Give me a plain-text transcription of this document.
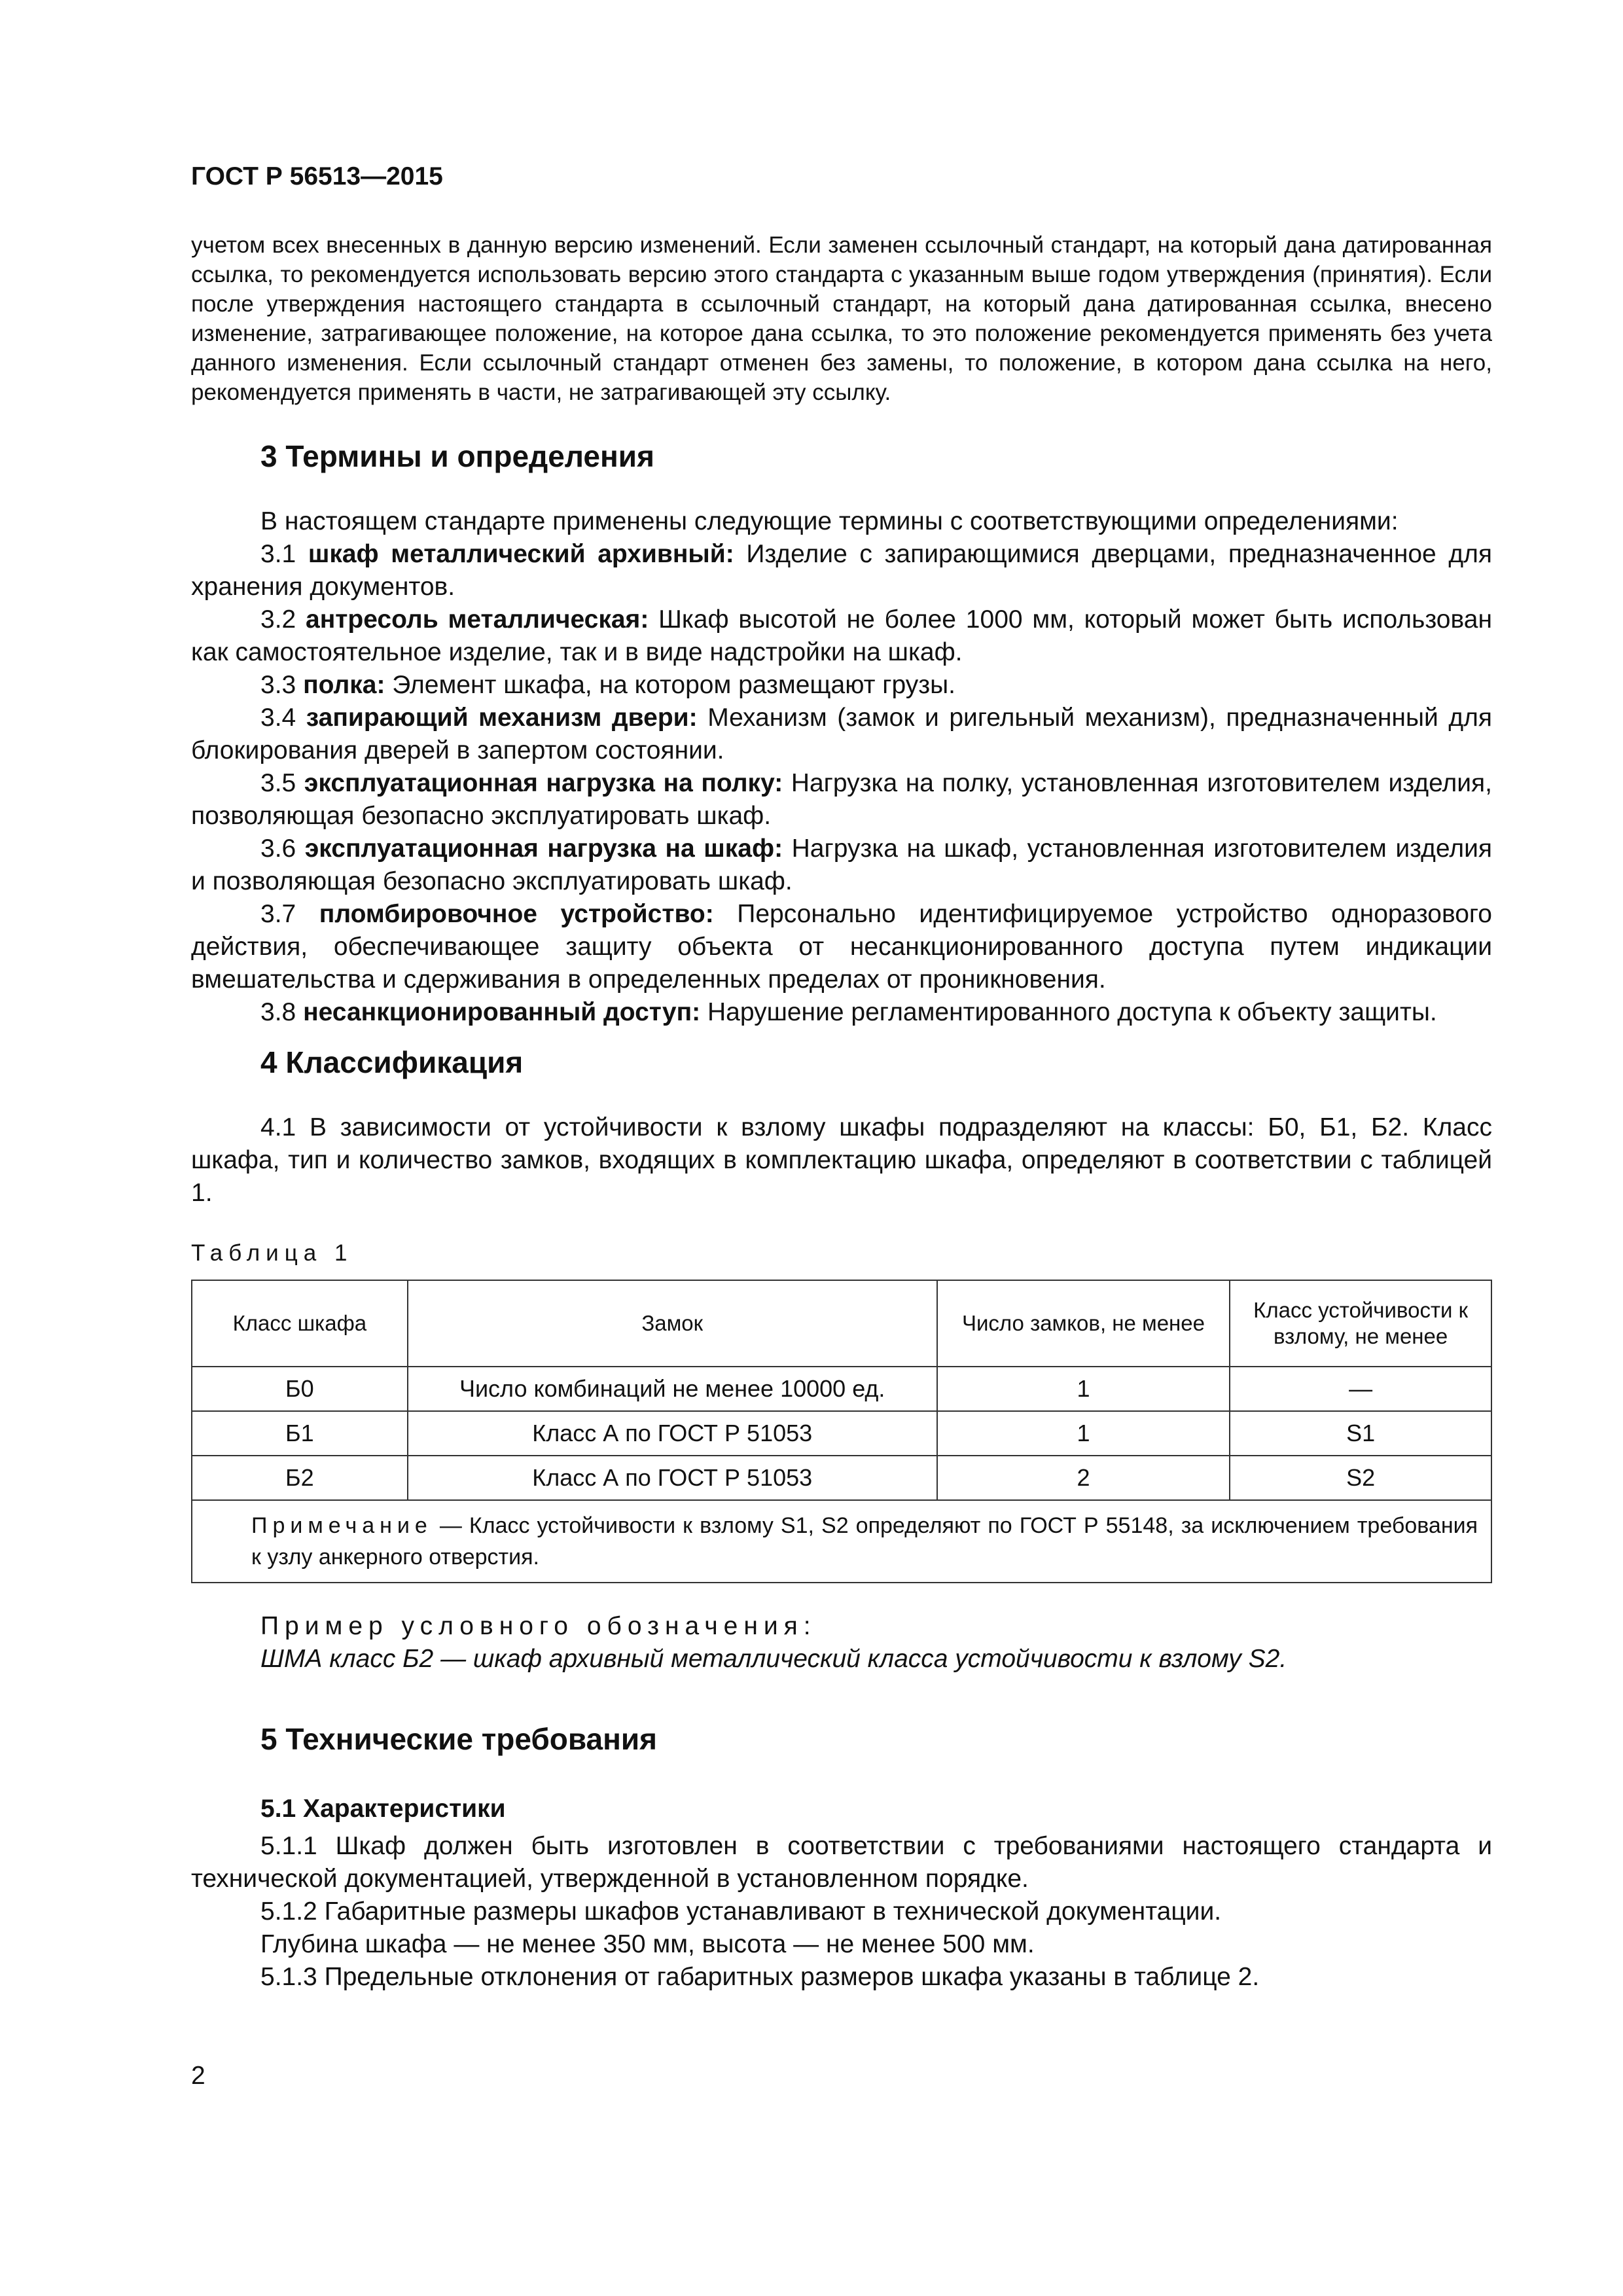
ГОСТ Р 56513—2015
учетом всех внесенных в данную версию изменений. Если заменен ссылочный стандарт, на который дана датированная ссылка, то рекомендуется использовать версию этого стандарта с указанным выше годом утверждения (принятия). Если после утверждения настоящего стандарта в ссылочный стандарт, на который дана датированная ссылка, внесено изменение, затрагивающее положение, на которое дана ссылка, то это положение рекомендуется применять без учета данного изменения. Если ссылочный стандарт отменен без замены, то положение, в котором дана ссылка на него, рекомендуется применять в части, не затрагивающей эту ссылку.
3 Термины и определения

В настоящем стандарте применены следующие термины с соответствующими определениями:

3.1 шкаф металлический архивный: Изделие с запирающимися дверцами, предназначенное для хранения документов.

3.2 антресоль металлическая: Шкаф высотой не более 1000 мм, который может быть использован как самостоятельное изделие, так и в виде надстройки на шкаф.

3.3 полка: Элемент шкафа, на котором размещают грузы.

3.4 запирающий механизм двери: Механизм (замок и ригельный механизм), предназначенный для блокирования дверей в запертом состоянии.

3.5 эксплуатационная нагрузка на полку: Нагрузка на полку, установленная изготовителем изделия, позволяющая безопасно эксплуатировать шкаф.

3.6 эксплуатационная нагрузка на шкаф: Нагрузка на шкаф, установленная изготовителем изделия и позволяющая безопасно эксплуатировать шкаф.

3.7 пломбировочное устройство: Персонально идентифицируемое устройство одноразового действия, обеспечивающее защиту объекта от несанкционированного доступа путем индикации вмешательства и сдерживания в определенных пределах от проникновения.

3.8 несанкционированный доступ: Нарушение регламентированного доступа к объекту защиты.

4 Классификация

4.1 В зависимости от устойчивости к взлому шкафы подразделяют на классы: Б0, Б1, Б2. Класс шкафа, тип и количество замков, входящих в комплектацию шкафа, определяют в соответствии с таблицей 1.

Таблица 1
Класс шкафа	Замок	Число замков, не менее	Класс устойчивости к взлому, не менее
Б0	Число комбинаций не менее 10000 ед.	1	—
Б1	Класс А по ГОСТ Р 51053	1	S1
Б2	Класс А по ГОСТ Р 51053	2	S2

Примечание — Класс устойчивости к взлому S1, S2 определяют по ГОСТ Р 55148, за исключением требования к узлу анкерного отверстия.			
Пример условного обозначения:
ШМА класс Б2 — шкаф архивный металлический класса устойчивости к взлому S2.
5 Технические требования
5.1 Характеристики

5.1.1 Шкаф должен быть изготовлен в соответствии с требованиями настоящего стандарта и технической документацией, утвержденной в установленном порядке.

5.1.2 Габаритные размеры шкафов устанавливают в технической документации.

Глубина шкафа — не менее 350 мм, высота — не менее 500 мм.

5.1.3 Предельные отклонения от габаритных размеров шкафа указаны в таблице 2.

2
